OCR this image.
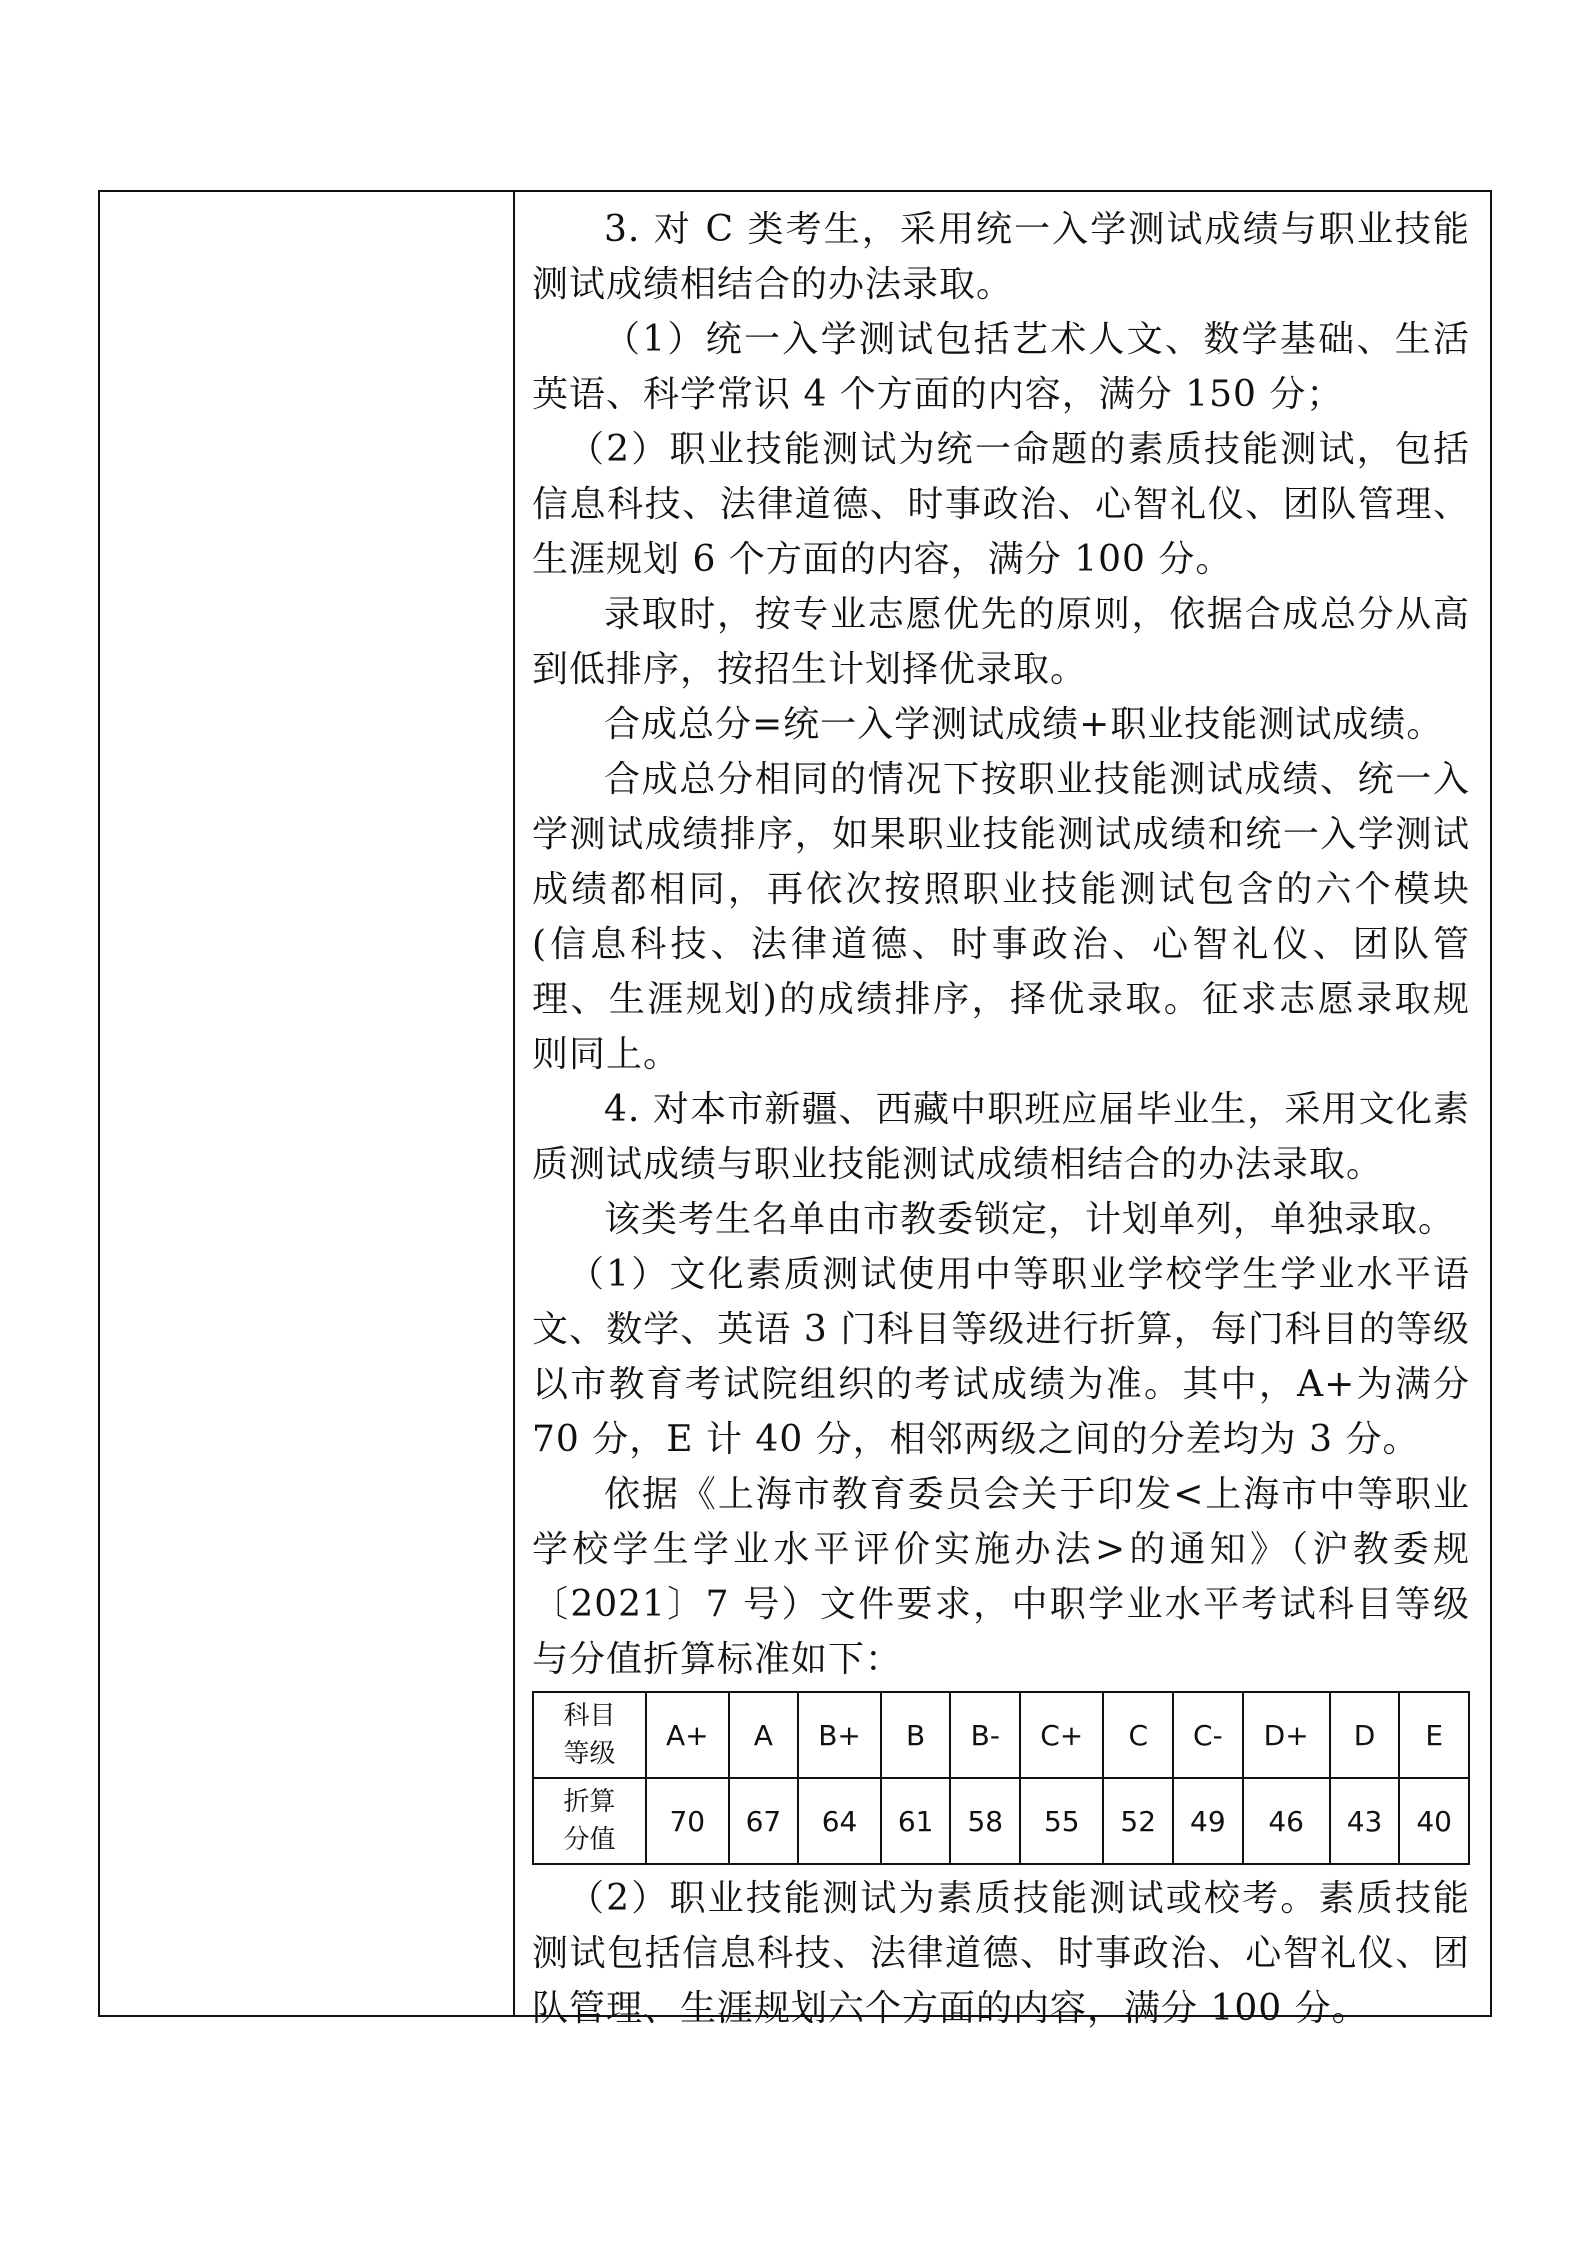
3. 对 C 类考生，采用统一入学测试成绩与职业技能测试成绩相结合的办法录取。

（1）统一入学测试包括艺术人文、数学基础、生活英语、科学常识 4 个方面的内容，满分 150 分；

（2）职业技能测试为统一命题的素质技能测试，包括信息科技、法律道德、时事政治、心智礼仪、团队管理、生涯规划 6 个方面的内容，满分 100 分。

录取时，按专业志愿优先的原则，依据合成总分从高到低排序，按招生计划择优录取。

合成总分=统一入学测试成绩+职业技能测试成绩。

合成总分相同的情况下按职业技能测试成绩、统一入学测试成绩排序，如果职业技能测试成绩和统一入学测试成绩都相同，再依次按照职业技能测试包含的六个模块(信息科技、法律道德、时事政治、心智礼仪、团队管理、生涯规划)的成绩排序，择优录取。征求志愿录取规则同上。

4. 对本市新疆、西藏中职班应届毕业生，采用文化素质测试成绩与职业技能测试成绩相结合的办法录取。

该类考生名单由市教委锁定，计划单列，单独录取。

（1）文化素质测试使用中等职业学校学生学业水平语文、数学、英语 3 门科目等级进行折算，每门科目的等级以市教育考试院组织的考试成绩为准。其中，A+为满分 70 分，E 计 40 分，相邻两级之间的分差均为 3 分。

依据《上海市教育委员会关于印发<上海市中等职业学校学生学业水平评价实施办法>的通知》（沪教委规〔2021〕7 号）文件要求，中职学业水平考试科目等级与分值折算标准如下：

科目
等级	A+	A	B+	B	B-	C+	C	C-	D+	D	E

折算
分值	70	67	64	61	58	55	52	49	46	43	40

（2）职业技能测试为素质技能测试或校考。素质技能测试包括信息科技、法律道德、时事政治、心智礼仪、团队管理、生涯规划六个方面的内容，满分 100 分。
